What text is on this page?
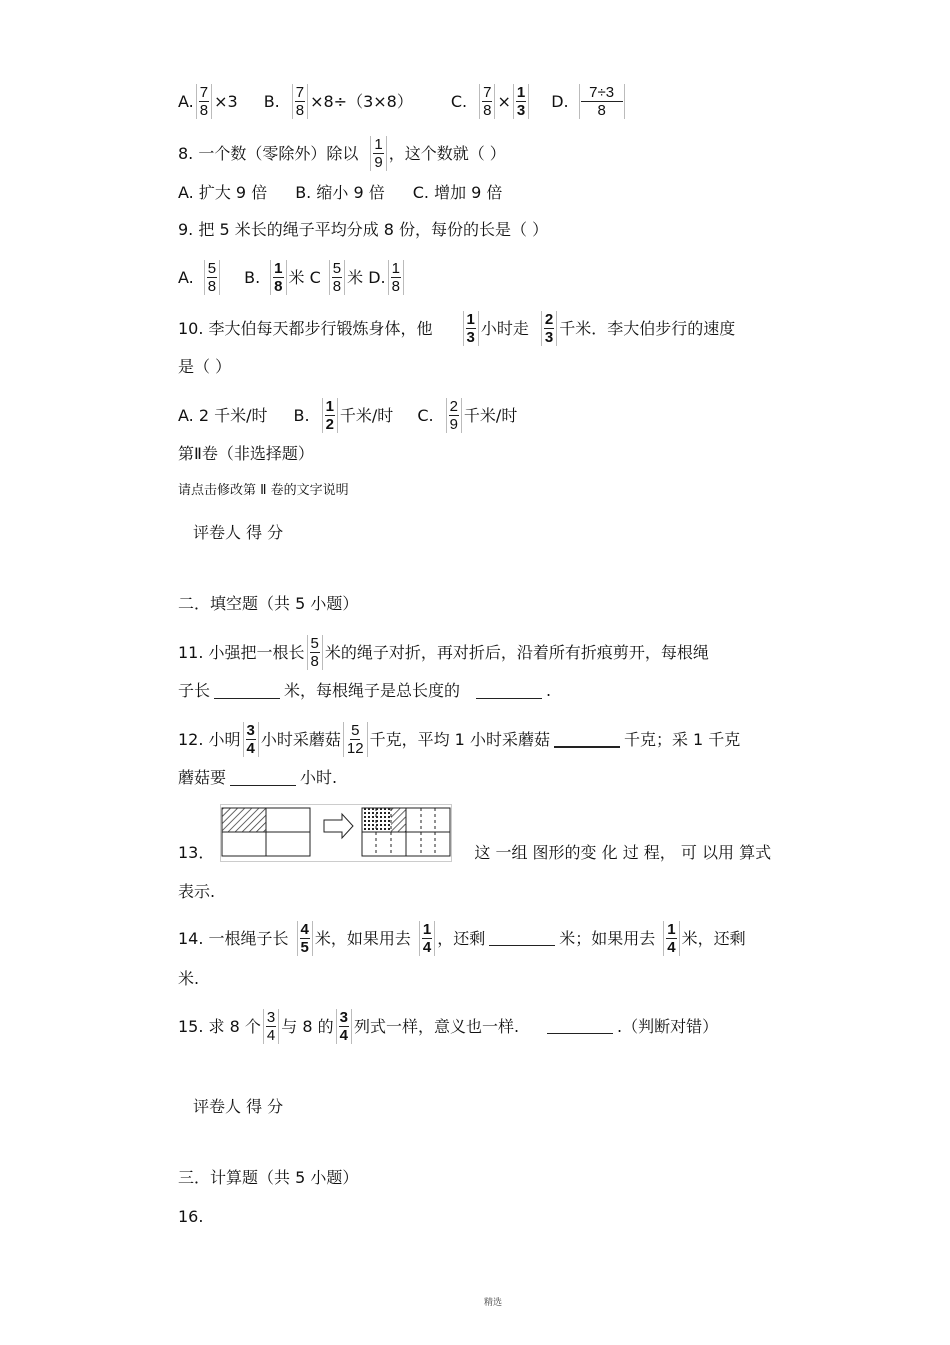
A. $\frac{7}{8} \times 3$ B. $\frac{7}{8} \times 8\div(3\times 8)$ C. $\frac{7}{8} \times \frac{1}{3} D$. $\frac{7\div 3}{8}$
8. 一个数（零除外）除以 $\frac{1}{9}$ ，这个数就（ ）
A. 扩大 9 倍 B. 缩小 9 倍 C. 增加 9 倍
9. 把 5 米长的绳子平均分成 8 份，每份的长是（ ）
A. $\frac{5}{8} B$. $\frac{1}{8}$ 米 C $\frac{5}{8}$ 米 D. $\frac{1}{8}$
10. 李大伯每天都步行锻炼身体，他 $\frac{1}{3}$ 小时走 $\frac{2}{3}$ 千米．李大伯步行的速度
是（ ）
A. 2 千米/时 B. $\frac{1}{2}$ 千米/时 C. $\frac{2}{9}$ 千米/时
第Ⅱ卷（非选择题）
请点击修改第 Ⅱ 卷的文字说明
评卷人 得 分
二．填空题（共 5 小题）
11. 小强把一根长 $\frac{5}{8}$ 米的绳子对折，再对折后，沿着所有折痕剪开，每根绳
子长	米，每根绳子是总长度的	.
12. 小明 $\frac{3}{4}$ 小时采蘑菇 $\frac{5}{12}$ 千克，平均 1 小时采蘑菇	千克；采 1 千克
蘑菇要	小时.
13．	这 一组 图形的变 化 过 程， 可 以用 算式
表示.
14. 一根绳子长 $\frac{4}{5}$ 米，如果用去 $\frac{1}{4}$ ，还剩	米；如果用去 $\frac{1}{4}$ 米，还剩
米.
15. 求 8 个 $\frac{3}{4}$ 与 8 的 $\frac{3}{4}$ 列式一样，意义也一样.	.（判断对错）
评卷人 得 分
三．计算题（共 5 小题）
16.
精选
